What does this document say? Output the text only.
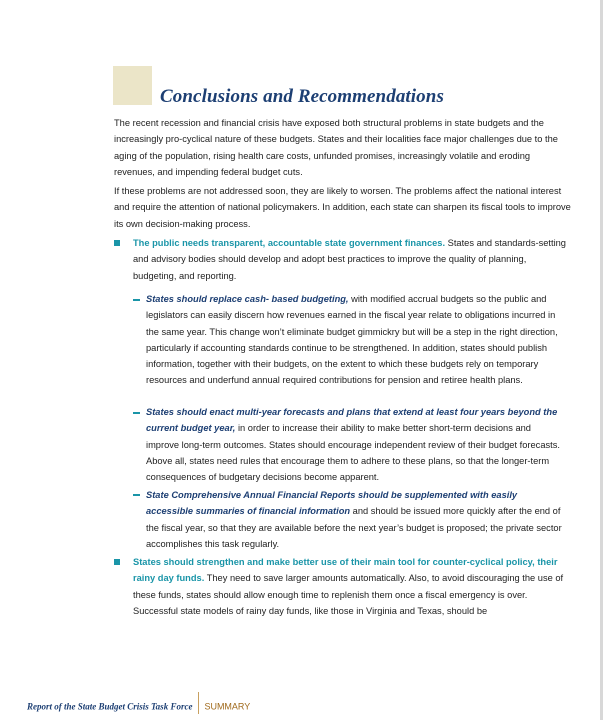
Conclusions and Recommendations

The recent recession and financial crisis have exposed both structural problems in state budgets and the increasingly pro-cyclical nature of these budgets. States and their localities face major challenges due to the aging of the population, rising health care costs, unfunded promises, increasingly volatile and eroding revenues, and impending federal budget cuts.

If these problems are not addressed soon, they are likely to worsen. The problems affect the national interest and require the attention of national policymakers. In addition, each state can sharpen its fiscal tools to improve its own decision-making process.

The public needs transparent, accountable state government finances. States and standards-setting and advisory bodies should develop and adopt best practices to improve the quality of planning, budgeting, and reporting.

States should replace cash- based budgeting, with modified accrual budgets so the public and legislators can easily discern how revenues earned in the fiscal year relate to obligations incurred in the same year. This change won’t eliminate budget gimmickry but will be a step in the right direction, particularly if accounting standards continue to be strengthened. In addition, states should publish information, together with their budgets, on the extent to which these budgets rely on temporary resources and underfund annual required contributions for pension and retiree health plans.

States should enact multi-year forecasts and plans that extend at least four years beyond the current budget year, in order to increase their ability to make better short-term decisions and improve long-term outcomes. States should encourage independent review of their budget forecasts. Above all, states need rules that encourage them to adhere to these plans, so that the longer-term consequences of budgetary decisions become apparent.

State Comprehensive Annual Financial Reports should be supplemented with easily accessible summaries of financial information and should be issued more quickly after the end of the fiscal year, so that they are available before the next year’s budget is proposed; the private sector accomplishes this task regularly.

States should strengthen and make better use of their main tool for counter-cyclical policy, their rainy day funds. They need to save larger amounts automatically. Also, to avoid discouraging the use of these funds, states should allow enough time to replenish them once a fiscal emergency is over. Successful state models of rainy day funds, like those in Virginia and Texas, should be

Report of the State Budget Crisis Task Force SUMMARY
